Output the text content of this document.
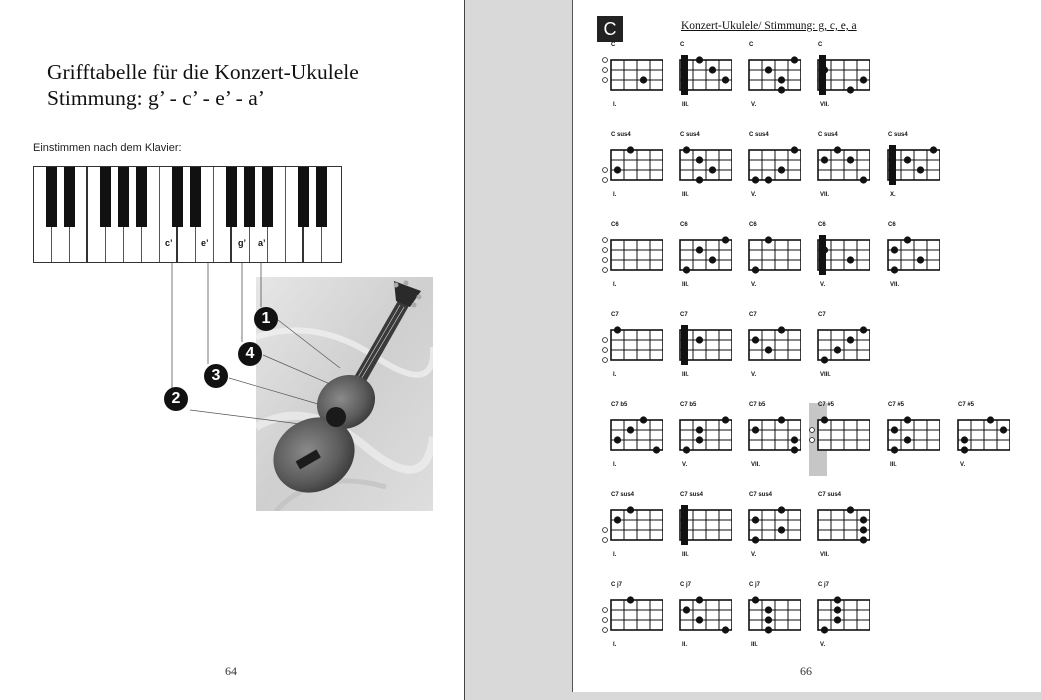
Grifftabelle für die Konzert-Ukulele
Stimmung: g’ - c’ - e’ - a’
Einstimmen nach dem Klavier:
c’	e’	g’ a’
1
4
3
2
64
C	Konzert-Ukulele/ Stimmung: g, c, e, a
C
I.
C
III.
C
V.
C
VII.
C sus4
I.
C sus4
III.
C sus4
V.
C sus4
VII.
C sus4
X.
C6
I.
C6
III.
C6
V.
C6
V.
C6
VII.
C7
I.
C7
III.
C7
V.
C7
VIII.
C7 b5
I.
C7 b5
V.
C7 b5
VII.
C7 #5	C7 #5
III.
C7 #5
V.
C7 sus4
I.
C7 sus4
III.
C7 sus4
V.
C7 sus4
VII.
C j7
I.
C j7
II.
C j7
III.
C j7
V.
66
